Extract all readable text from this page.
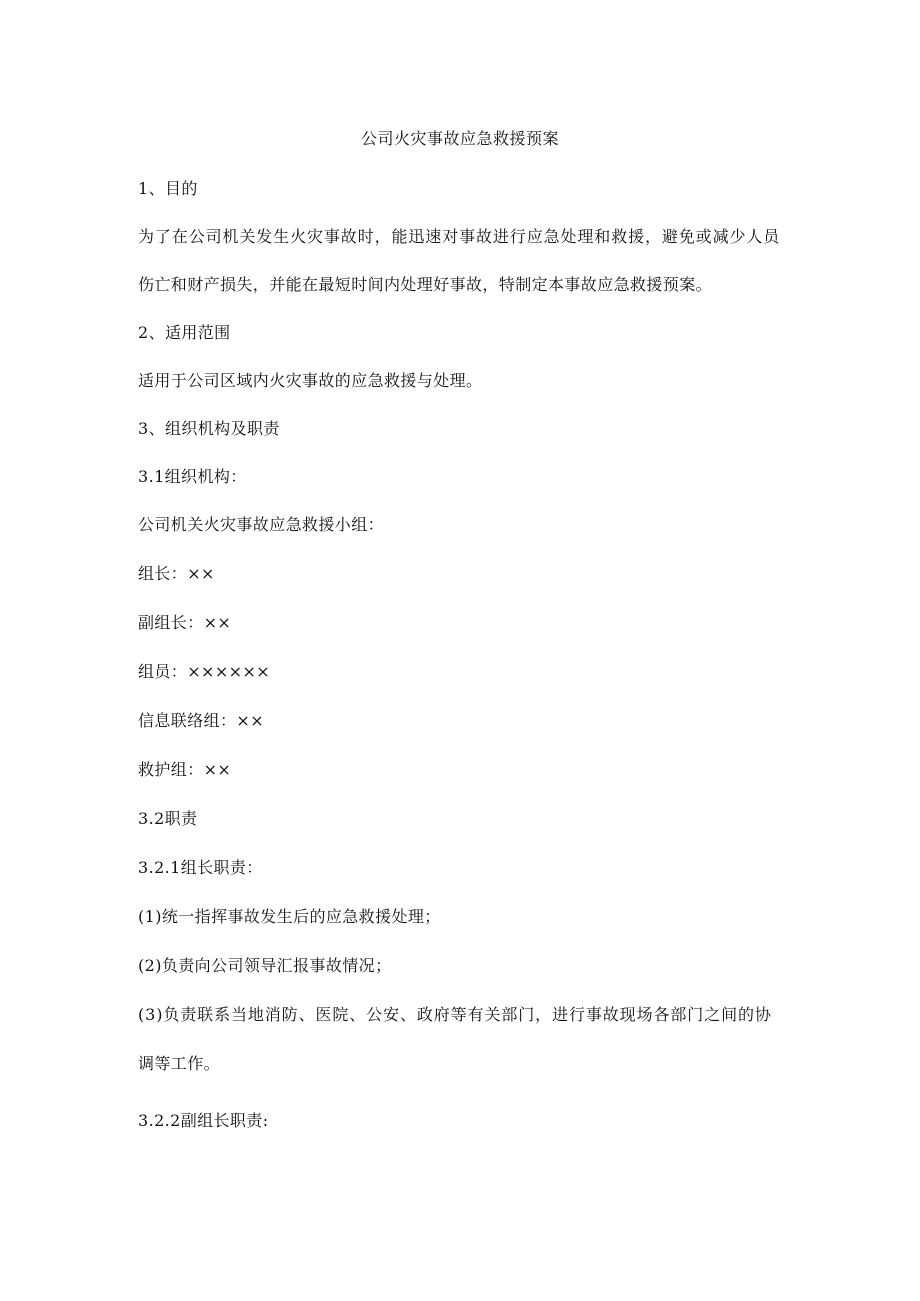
公司火灾事故应急救援预案
1、目的
为了在公司机关发生火灾事故时，能迅速对事故进行应急处理和救援，避免或减少人员
伤亡和财产损失，并能在最短时间内处理好事故，特制定本事故应急救援预案。
2、适用范围
适用于公司区域内火灾事故的应急救援与处理。
3、组织机构及职责
3.1组织机构：
公司机关火灾事故应急救援小组：
组长：××
副组长：××
组员：××××××
信息联络组：××
救护组：××
3.2职责
3.2.1组长职责：
(1)统一指挥事故发生后的应急救援处理；
(2)负责向公司领导汇报事故情况；
(3)负责联系当地消防、医院、公安、政府等有关部门，进行事故现场各部门之间的协
调等工作。
3.2.2副组长职责:
